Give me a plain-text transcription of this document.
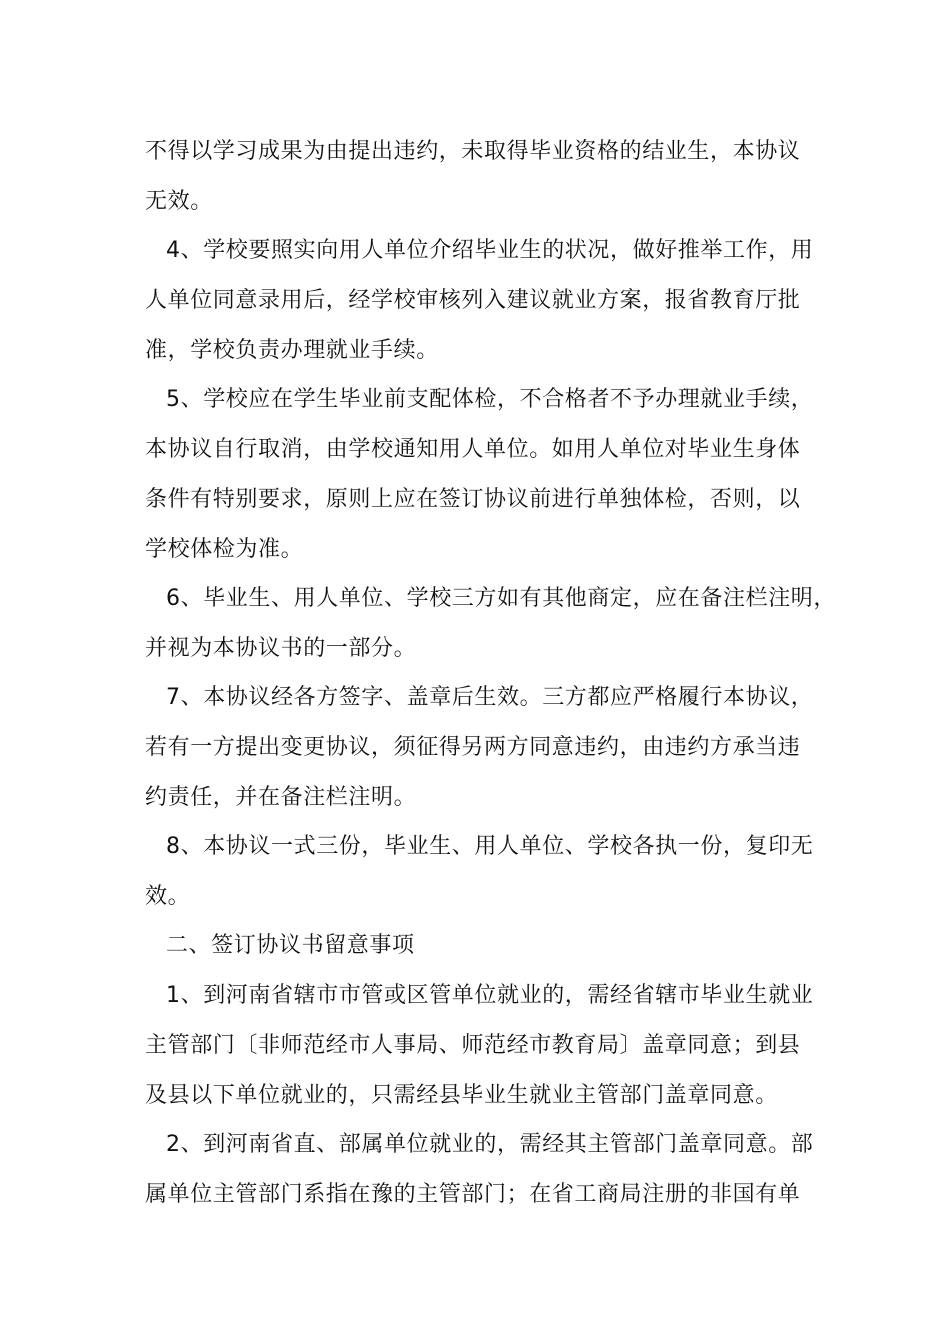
不得以学习成果为由提出违约，未取得毕业资格的结业生，本协议
无效。
4、学校要照实向用人单位介绍毕业生的状况，做好推举工作，用
人单位同意录用后，经学校审核列入建议就业方案，报省教育厅批
准，学校负责办理就业手续。
5、学校应在学生毕业前支配体检，不合格者不予办理就业手续，
本协议自行取消，由学校通知用人单位。如用人单位对毕业生身体
条件有特别要求，原则上应在签订协议前进行单独体检，否则，以
学校体检为准。
6、毕业生、用人单位、学校三方如有其他商定，应在备注栏注明，
并视为本协议书的一部分。
7、本协议经各方签字、盖章后生效。三方都应严格履行本协议，
若有一方提出变更协议，须征得另两方同意违约，由违约方承当违
约责任，并在备注栏注明。
8、本协议一式三份，毕业生、用人单位、学校各执一份，复印无
效。
二、签订协议书留意事项
1、到河南省辖市市管或区管单位就业的，需经省辖市毕业生就业
主管部门〔非师范经市人事局、师范经市教育局〕盖章同意；到县
及县以下单位就业的，只需经县毕业生就业主管部门盖章同意。
2、到河南省直、部属单位就业的，需经其主管部门盖章同意。部
属单位主管部门系指在豫的主管部门；在省工商局注册的非国有单
